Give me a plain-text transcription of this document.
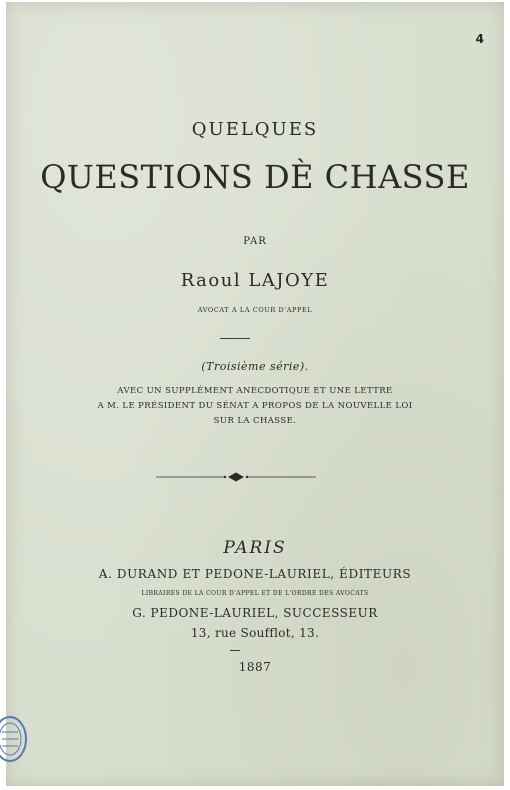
4
QUELQUES
QUESTIONS DÈ CHASSE
PAR
Raoul LAJOYE
AVOCAT A LA COUR D'APPEL
(Troisième série).
AVEC UN SUPPLÉMENT ANECDOTIQUE ET UNE LETTRE
A M. LE PRÉSIDENT DU SÉNAT A PROPOS DE LA NOUVELLE LOI
SUR LA CHASSE.
PARIS
A. DURAND ET PEDONE-LAURIEL, ÉDITEURS
LIBRAIRES DE LA COUR D'APPEL ET DE L'ORDRE DES AVOCATS
G. PEDONE-LAURIEL, SUCCESSEUR
13, rue Soufflot, 13.
1887
